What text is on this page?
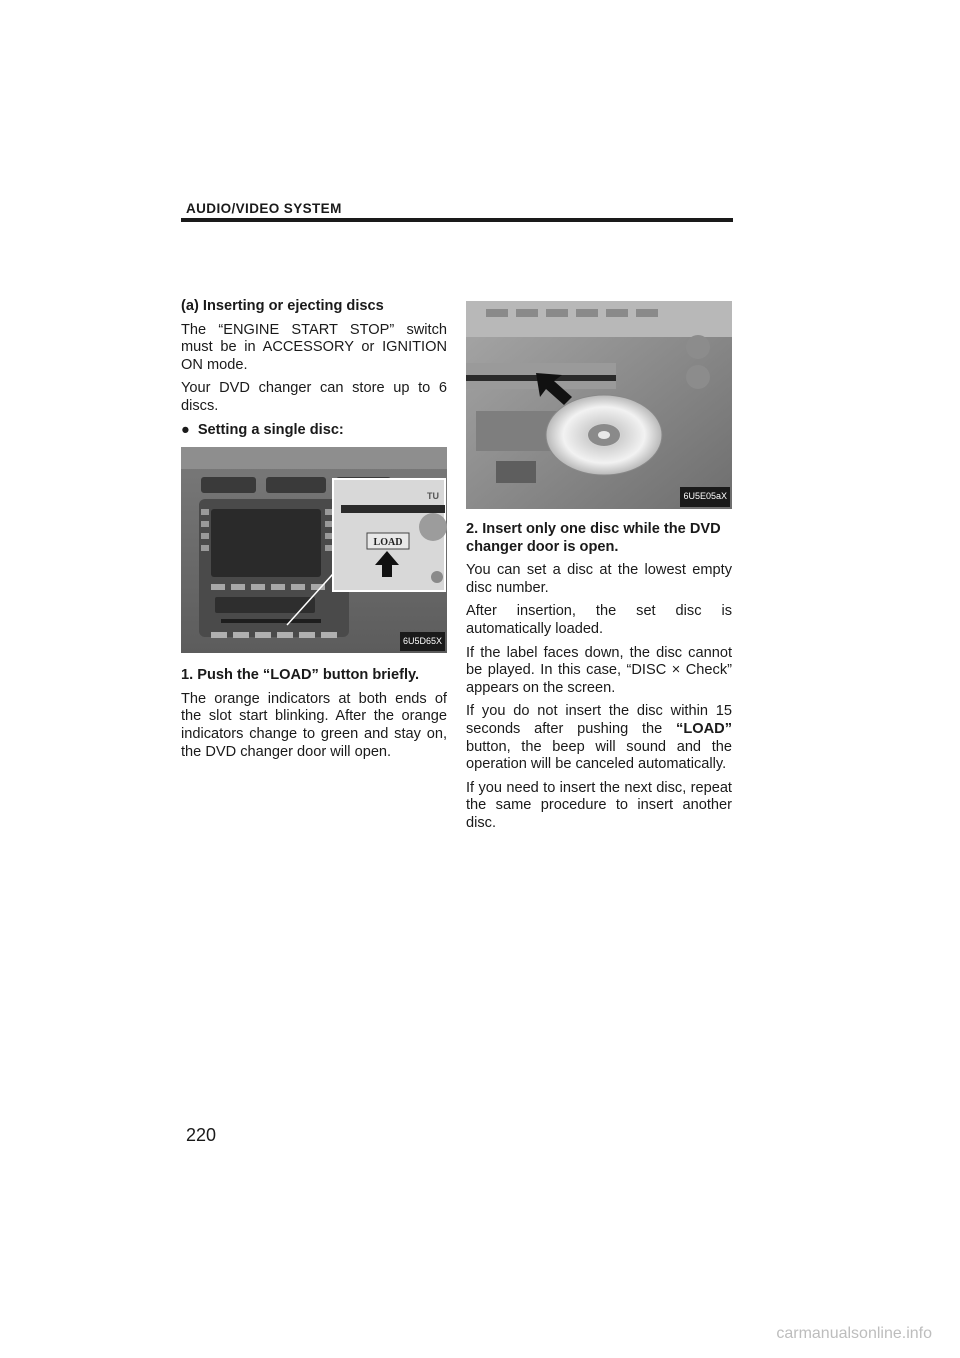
AUDIO/VIDEO SYSTEM
(a) Inserting or ejecting discs

The “ENGINE START STOP” switch must be in ACCESSORY or IGNITION ON mode.

Your DVD changer can store up to 6 discs.

● Setting a single disc:
LOAD
TU
6U5D65X
1. Push the “LOAD” button briefly.

The orange indicators at both ends of the slot start blinking. After the orange indicators change to green and stay on, the DVD changer door will open.

6U5E05aX
2. Insert only one disc while the DVD changer door is open.

You can set a disc at the lowest empty disc number.

After insertion, the set disc is automatically loaded.

If the label faces down, the disc cannot be played. In this case, “DISC × Check” appears on the screen.

If you do not insert the disc within 15 seconds after pushing the “LOAD” button, the beep will sound and the operation will be canceled automatically.

If you need to insert the next disc, repeat the same procedure to insert another disc.

220
carmanualsonline.info
